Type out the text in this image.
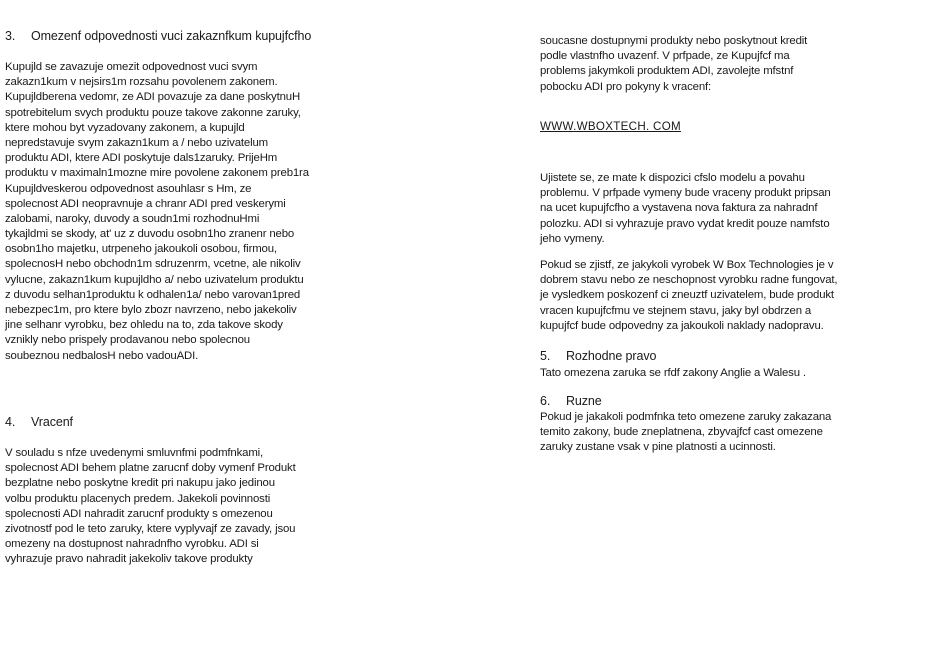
3. Omezenf odpovednosti vuci zakaznfkum kupujfcfho
Kupujld se zavazuje omezit odpovednost vuci svym
zakazn1kum v nejsirs1m rozsahu povolenem zakonem.
Kupujldberena vedomr, ze ADI povazuje za dane poskytnuH
spotrebitelum svych produktu pouze takove zakonne zaruky,
ktere mohou byt vyzadovany zakonem, a kupujld
nepredstavuje svym zakazn1kum a / nebo uzivatelum
produktu ADI, ktere ADI poskytuje dals1zaruky. PrijeHm
produktu v maximaln1mozne mire povolene zakonem preb1ra
Kupujldveskerou odpovednost asouhlasr s Hm, ze
spolecnost ADI neopravnuje a chranr ADI pred veskerymi
zalobami, naroky, duvody a soudn1mi rozhodnuHmi
tykajldmi se skody, at' uz z duvodu osobn1ho zranenr nebo
osobn1ho majetku, utrpeneho jakoukoli osobou, firmou,
spolecnosH nebo obchodn1m sdruzenrm, vcetne, ale nikoliv
vylucne, zakazn1kum kupujldho a/ nebo uzivatelum produktu
z duvodu selhan1produktu k odhalen1a/ nebo varovan1pred
nebezpec1m, pro ktere bylo zbozr navrzeno, nebo jakekoliv
jine selhanr vyrobku, bez ohledu na to, zda takove skody
vznikly nebo prispely prodavanou nebo spolecnou
soubeznou nedbalosH nebo vadouADI.
4. Vracenf
V souladu s nfze uvedenymi smluvnfmi podmfnkami,
spolecnost ADI behem platne zarucnf doby vymenf Produkt
bezplatne nebo poskytne kredit pri nakupu jako jedinou
volbu produktu placenych predem. Jakekoli povinnosti
spolecnosti ADI nahradit zarucnf produkty s omezenou
zivotnostf pod le teto zaruky, ktere vyplyvajf ze zavady, jsou
omezeny na dostupnost nahradnfho vyrobku. ADI si
vyhrazuje pravo nahradit jakekoliv takove produkty
soucasne dostupnymi produkty nebo poskytnout kredit
podle vlastnfho uvazenf. V prfpade, ze Kupujfcf ma
problems jakymkoli produktem ADI, zavolejte mfstnf
pobocku ADI pro pokyny k vracenf:
WWW.WBOXTECH. COM
Ujistete se, ze mate k dispozici cfslo modelu a povahu
problemu. V prfpade vymeny bude vraceny produkt pripsan
na ucet kupujfcfho a vystavena nova faktura za nahradnf
polozku. ADI si vyhrazuje pravo vydat kredit pouze namfsto
jeho vymeny.
Pokud se zjistf, ze jakykoli vyrobek W Box Technologies je v
dobrem stavu nebo ze neschopnost vyrobku radne fungovat,
je vysledkem poskozenf ci zneuztf uzivatelem, bude produkt
vracen kupujfcfmu ve stejnem stavu, jaky byl obdrzen a
kupujfcf bude odpovedny za jakoukoli naklady nadopravu.
5. Rozhodne pravo
Tato omezena zaruka se rfdf zakony Anglie a Walesu .
6. Ruzne
Pokud je jakakoli podmfnka teto omezene zaruky zakazana
temito zakony, bude zneplatnena, zbyvajfcf cast omezene
zaruky zustane vsak v pine platnosti a ucinnosti.
